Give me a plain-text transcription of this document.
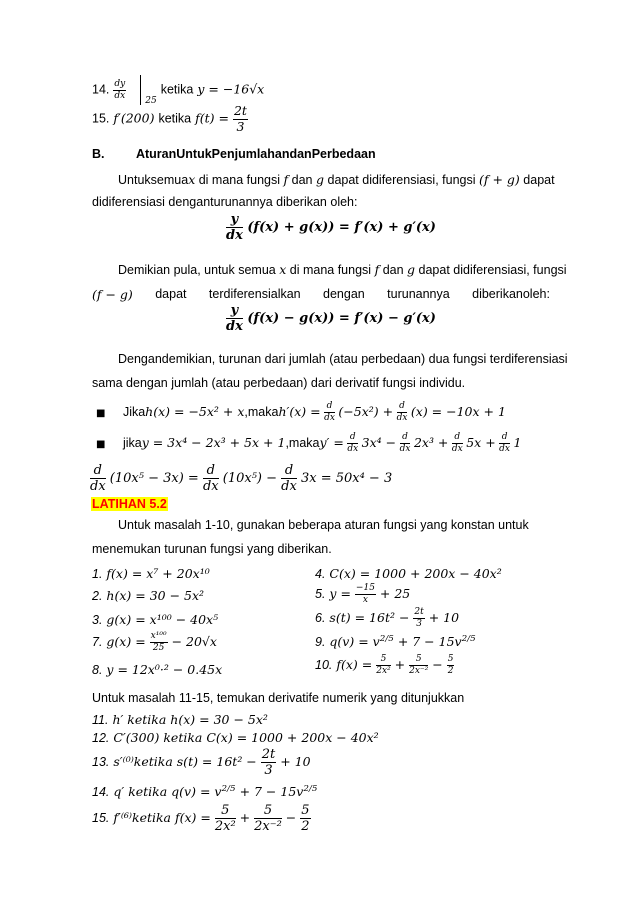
14. $\frac{dy}{dx}$
$_{25}$ ketika y = −16√x
15. f′(200) ketika $f(t) = \frac{2t}{3}$
B.	AturanUntukPenjumlahandanPerbedaan
Untuksemuax di mana fungsi f dan g dapat didiferensiasi, fungsi (f + g) dapat
didiferensiasi denganturunannya diberikan oleh:
$\frac{y}{dx} (f(x) + g(x)) = f'(x) + g'(x)$
Demikian pula, untuk semua x di mana fungsi f dan g dapat didiferensiasi, fungsi
(f − g) dapat terdiferensialkan dengan turunannya diberikanoleh:
$\frac{y}{dx} (f(x) - g(x)) = f'(x) - g'(x)$
Dengandemikian, turunan dari jumlah (atau perbedaan) dua fungsi terdiferensiasi
sama dengan jumlah (atau perbedaan) dari derivatif fungsi individu.
■ Jikah(x) = −5x² + x,makah′(x) = $\frac{d}{dx} (-5x^2) + \frac{d}{dx} (x) = -10x + 1$
■ jikay = 3x⁴ − 2x³ + 5x + 1,makay′ = $\frac{d}{dx} 3x^4 - \frac{d}{dx} 2x^3 + \frac{d}{dx} 5x + \frac{d}{dx} 1$
$\frac{d}{dx} (10x^5 - 3x) = \frac{d}{dx} (10x^5) - \frac{d}{dx} 3x = 50x^4 - 3$
LATIHAN 5.2
Untuk masalah 1-10, gunakan beberapa aturan fungsi yang konstan untuk
menemukan turunan fungsi yang diberikan.
1. f(x) = x⁷ + 20x¹⁰
2. h(x) = 30 − 5x²
3. g(x) = x¹⁰⁰ − 40x⁵
7. $g(x) = \frac{\text{x¹⁰⁰}}{25} - 20√x$
8. y = 12x⁰·² − 0.45x
4. C(x) = 1000 + 200x − 40x²
5. $y = \frac{-15}{x} + 25$
6. $s(t) = 16t^2 - \frac{2t}{3} + 10$
9. $q(v) = v^{2/5} + 7 - 15v^{2/5}$
10. $f(x) = \frac{5}{\text{2x²}} + \frac{5}{\text{2x⁻²}} - \frac{5}{2}$
Untuk masalah 11-15, temukan derivatife numerik yang ditunjukkan
11. h′ ketika h(x) = 30 − 5x²
12. C′(300) ketika C(x) = 1000 + 200x − 40x²
13. s′⁽⁰⁾ketika $s(t) = 16t^2 - \frac{2t}{3} + 10$
14. q′ ketika $q(v) = v^{2/5} + 7 - 15v^{2/5}$
15. f′⁽⁶⁾ketika $f(x) = \frac{5}{\text{2x²}} + \frac{5}{\text{2x⁻²}} - \frac{5}{2}$
